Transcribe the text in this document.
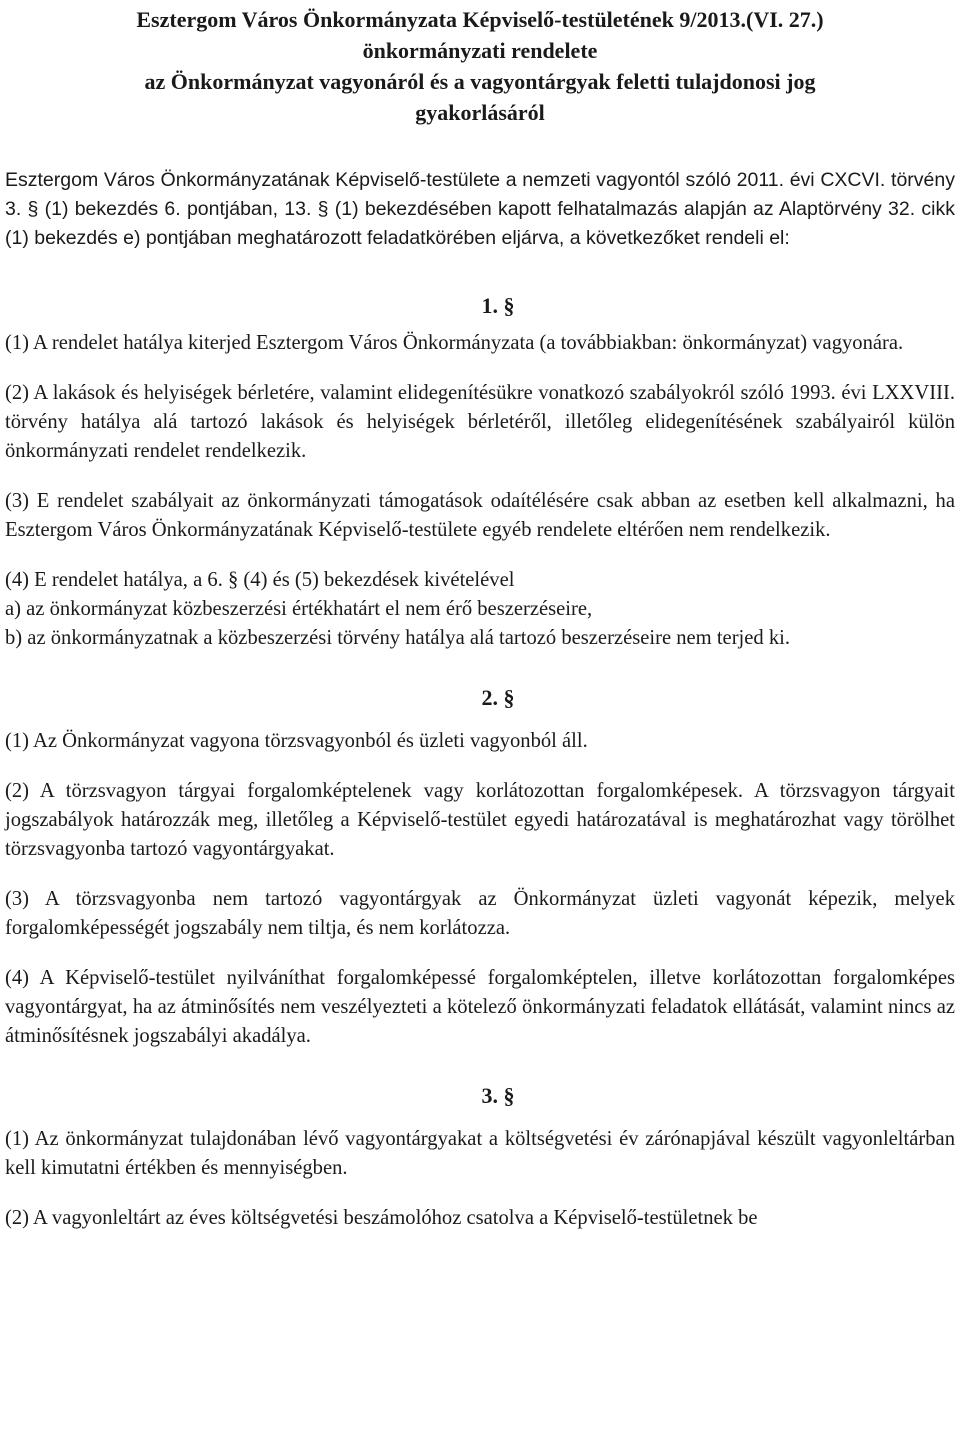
Esztergom Város Önkormányzata Képviselő-testületének 9/2013.(VI. 27.)
önkormányzati rendelete
az Önkormányzat vagyonáról és a vagyontárgyak feletti tulajdonosi jog
gyakorlásáról

Esztergom Város Önkormányzatának Képviselő-testülete a nemzeti vagyontól szóló 2011. évi CXCVI. törvény 3. § (1) bekezdés 6. pontjában, 13. § (1) bekezdésében kapott felhatalmazás alapján az Alaptörvény 32. cikk (1) bekezdés e) pontjában meghatározott feladatkörében eljárva, a következőket rendeli el:

1. §

(1) A rendelet hatálya kiterjed Esztergom Város Önkormányzata (a továbbiakban: önkormányzat) vagyonára.

(2) A lakások és helyiségek bérletére, valamint elidegenítésükre vonatkozó szabályokról szóló 1993. évi LXXVIII. törvény hatálya alá tartozó lakások és helyiségek bérletéről, illetőleg elidegenítésének szabályairól külön önkormányzati rendelet rendelkezik.

(3) E rendelet szabályait az önkormányzati támogatások odaítélésére csak abban az esetben kell alkalmazni, ha Esztergom Város Önkormányzatának Képviselő-testülete egyéb rendelete eltérően nem rendelkezik.

(4) E rendelet hatálya, a 6. § (4) és (5) bekezdések kivételével

a) az önkormányzat közbeszerzési értékhatárt el nem érő beszerzéseire,

b) az önkormányzatnak a közbeszerzési törvény hatálya alá tartozó beszerzéseire nem terjed ki.

2. §

(1) Az Önkormányzat vagyona törzsvagyonból és üzleti vagyonból áll.

(2) A törzsvagyon tárgyai forgalomképtelenek vagy korlátozottan forgalomképesek. A törzsvagyon tárgyait jogszabályok határozzák meg, illetőleg a Képviselő-testület egyedi határozatával is meghatározhat vagy törölhet törzsvagyonba tartozó vagyontárgyakat.

(3) A törzsvagyonba nem tartozó vagyontárgyak az Önkormányzat üzleti vagyonát képezik, melyek forgalomképességét jogszabály nem tiltja, és nem korlátozza.

(4) A Képviselő-testület nyilváníthat forgalomképessé forgalomképtelen, illetve korlátozottan forgalomképes vagyontárgyat, ha az átminősítés nem veszélyezteti a kötelező önkormányzati feladatok ellátását, valamint nincs az átminősítésnek jogszabályi akadálya.

3. §

(1) Az önkormányzat tulajdonában lévő vagyontárgyakat a költségvetési év zárónapjával készült vagyonleltárban kell kimutatni értékben és mennyiségben.

(2) A vagyonleltárt az éves költségvetési beszámolóhoz csatolva a Képviselő-testületnek be
